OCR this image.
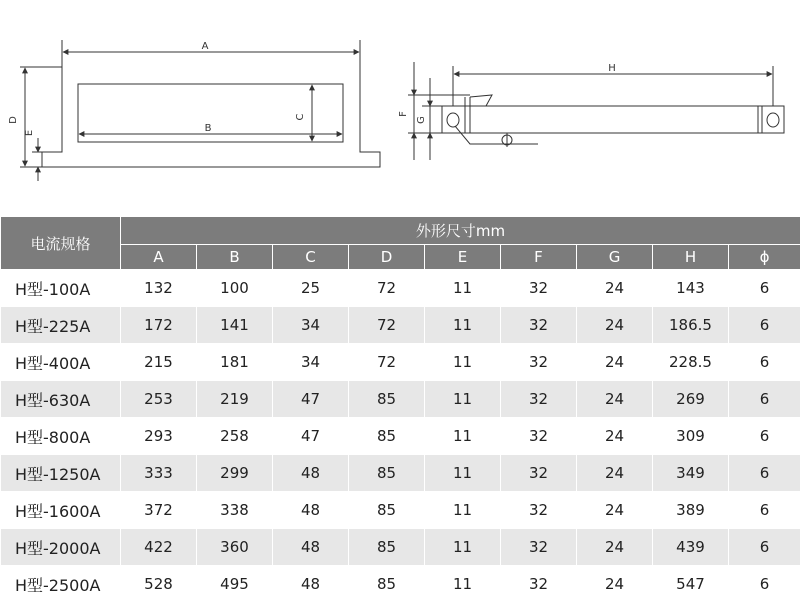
A
B
C
D
E
H
F
G
Φ
电流规格	外形尺寸mm								
	A	B	C	D	E	F	G	H	ϕ
H型-100A	132	100	25	72	11	32	24	143	6
H型-225A	172	141	34	72	11	32	24	186.5	6
H型-400A	215	181	34	72	11	32	24	228.5	6
H型-630A	253	219	47	85	11	32	24	269	6
H型-800A	293	258	47	85	11	32	24	309	6
H型-1250A	333	299	48	85	11	32	24	349	6
H型-1600A	372	338	48	85	11	32	24	389	6
H型-2000A	422	360	48	85	11	32	24	439	6
H型-2500A	528	495	48	85	11	32	24	547	6
